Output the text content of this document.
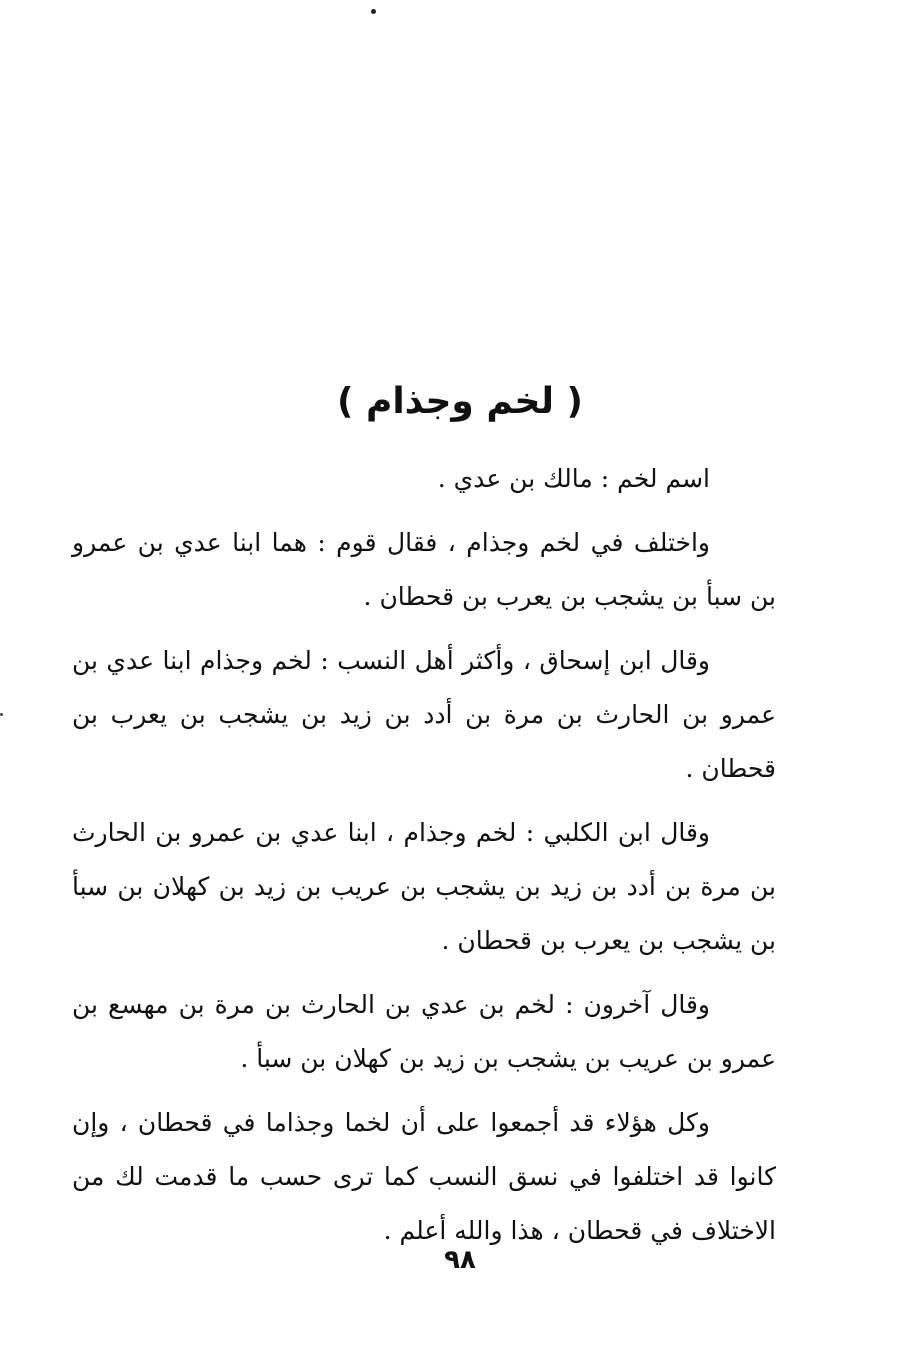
( لخم وجذام )

اسم لخم : مالك بن عدي .

واختلف في لخم وجذام ، فقال قوم : هما ابنا عدي بن عمرو بن سبأ بن يشجب بن يعرب بن قحطان .

وقال ابن إسحاق ، وأكثر أهل النسب : لخم وجذام ابنا عدي بن عمرو بن الحارث بن مرة بن أدد بن زيد بن يشجب بن يعرب بن قحطان .

وقال ابن الكلبي : لخم وجذام ، ابنا عدي بن عمرو بن الحارث بن مرة بن أدد بن زيد بن يشجب بن عريب بن زيد بن كهلان بن سبأ بن يشجب بن يعرب بن قحطان .

وقال آخرون : لخم بن عدي بن الحارث بن مرة بن مهسع بن عمرو بن عريب بن يشجب بن زيد بن كهلان بن سبأ .

وكل هؤلاء قد أجمعوا على أن لخما وجذاما في قحطان ، وإن كانوا قد اختلفوا في نسق النسب كما ترى حسب ما قدمت لك من الاختلاف في قحطان ، هذا والله أعلم .

٩٨
